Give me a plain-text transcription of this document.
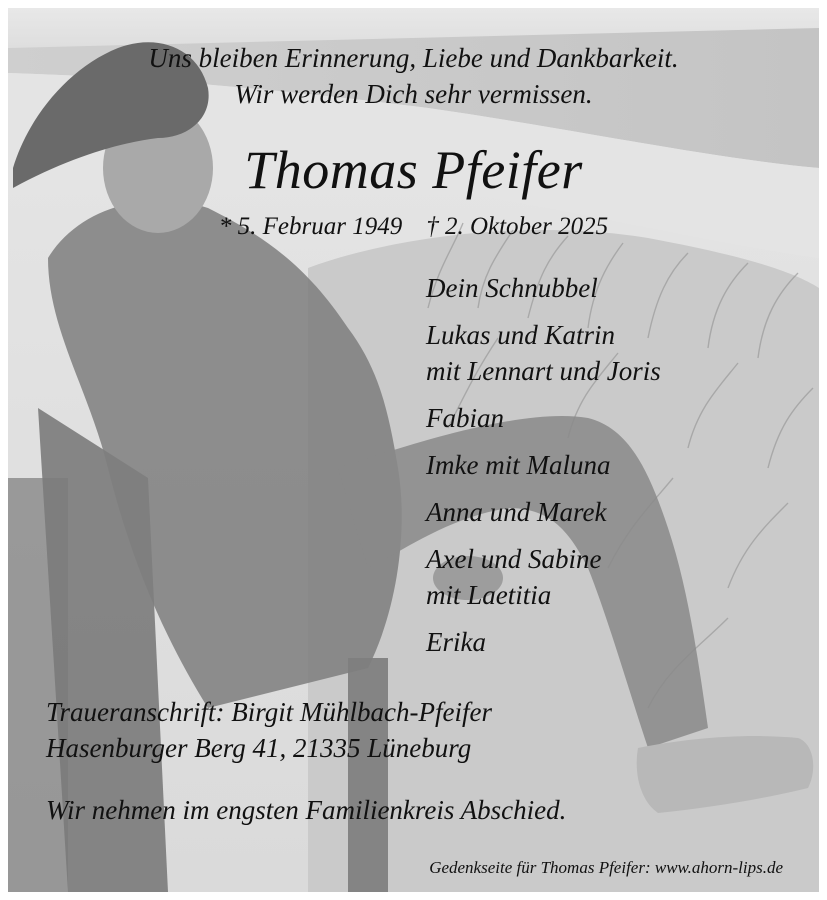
Uns bleiben Erinnerung, Liebe und Dankbarkeit.
Wir werden Dich sehr vermissen.
Thomas Pfeifer
* 5. Februar 1949 † 2. Oktober 2025
Dein Schnubbel
Lukas und Katrin
mit Lennart und Joris
Fabian
Imke mit Maluna
Anna und Marek
Axel und Sabine
mit Laetitia
Erika
Traueranschrift: Birgit Mühlbach-Pfeifer
Hasenburger Berg 41, 21335 Lüneburg
Wir nehmen im engsten Familienkreis Abschied.
Gedenkseite für Thomas Pfeifer: www.ahorn-lips.de
